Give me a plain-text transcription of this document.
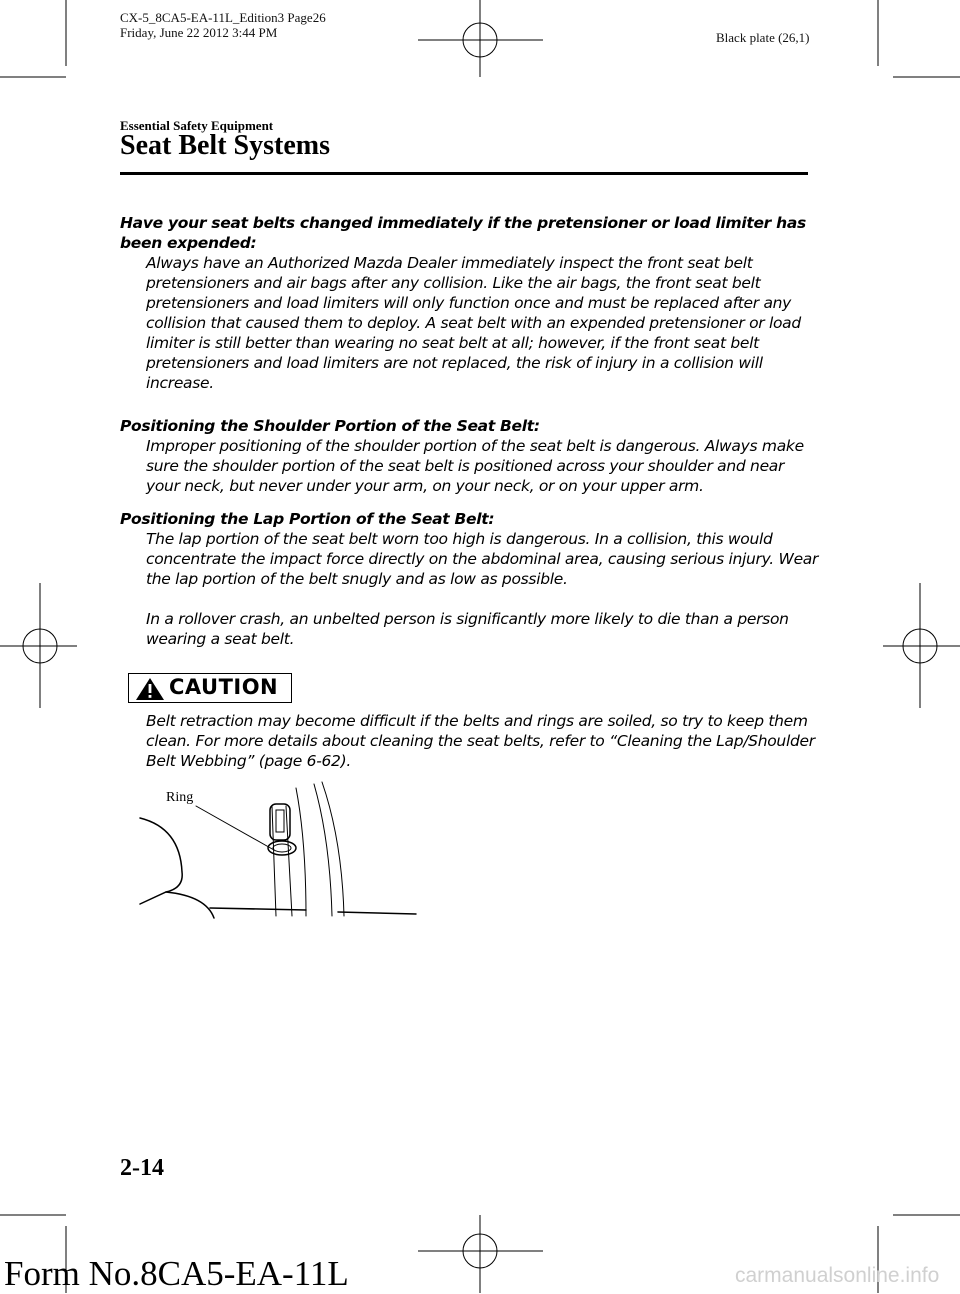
CX-5_8CA5-EA-11L_Edition3 Page26
Friday, June 22 2012 3:44 PM	Black plate (26,1)
Essential Safety Equipment
Seat Belt Systems
Have your seat belts changed immediately if the pretensioner or load limiter has been expended:
Always have an Authorized Mazda Dealer immediately inspect the front seat belt pretensioners and air bags after any collision. Like the air bags, the front seat belt pretensioners and load limiters will only function once and must be replaced after any collision that caused them to deploy. A seat belt with an expended pretensioner or load limiter is still better than wearing no seat belt at all; however, if the front seat belt pretensioners and load limiters are not replaced, the risk of injury in a collision will increase.
Positioning the Shoulder Portion of the Seat Belt:
Improper positioning of the shoulder portion of the seat belt is dangerous. Always make sure the shoulder portion of the seat belt is positioned across your shoulder and near your neck, but never under your arm, on your neck, or on your upper arm.
Positioning the Lap Portion of the Seat Belt:
The lap portion of the seat belt worn too high is dangerous. In a collision, this would concentrate the impact force directly on the abdominal area, causing serious injury. Wear the lap portion of the belt snugly and as low as possible.
In a rollover crash, an unbelted person is significantly more likely to die than a person wearing a seat belt.
CAUTION
Belt retraction may become difficult if the belts and rings are soiled, so try to keep them clean. For more details about cleaning the seat belts, refer to “Cleaning the Lap/Shoulder Belt Webbing” (page 6-62).
Ring
2-14
Form No.8CA5-EA-11L	carmanualsonline.info
